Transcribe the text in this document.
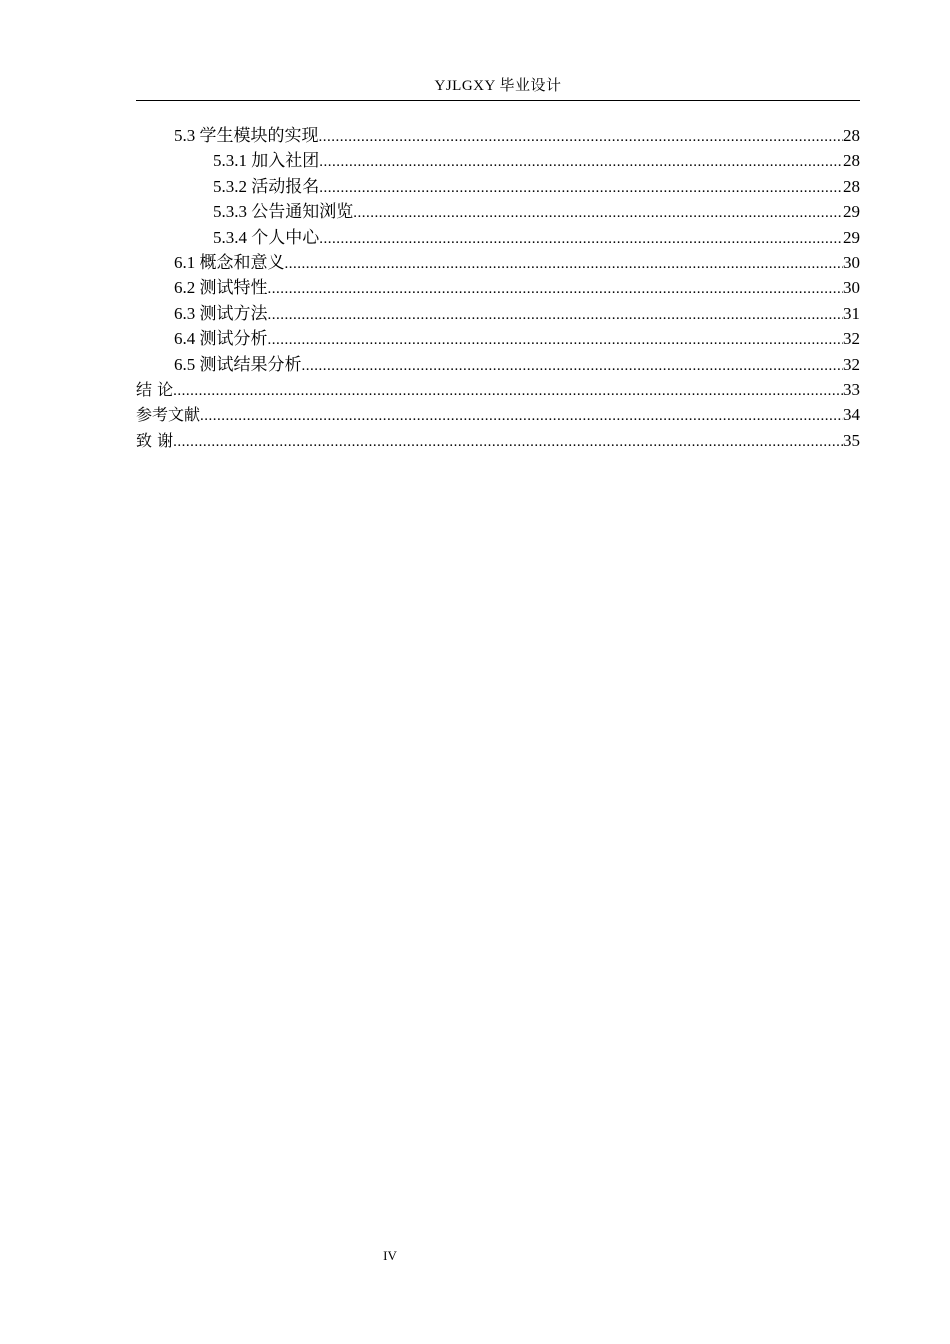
YJLGXY 毕业设计
5.3 学生模块的实现 .....	28
5.3.1 加入社团 .....	28
5.3.2 活动报名 .....	28
5.3.3 公告通知浏览 .....	29
5.3.4 个人中心 .....	29
6.1 概念和意义 .....	30
6.2 测试特性 .....	30
6.3 测试方法 .....	31
6.4 测试分析 .....	32
6.5 测试结果分析 .....	32
结 论 .....	33
参考文献 .....	34
致 谢 .....	35
IV
